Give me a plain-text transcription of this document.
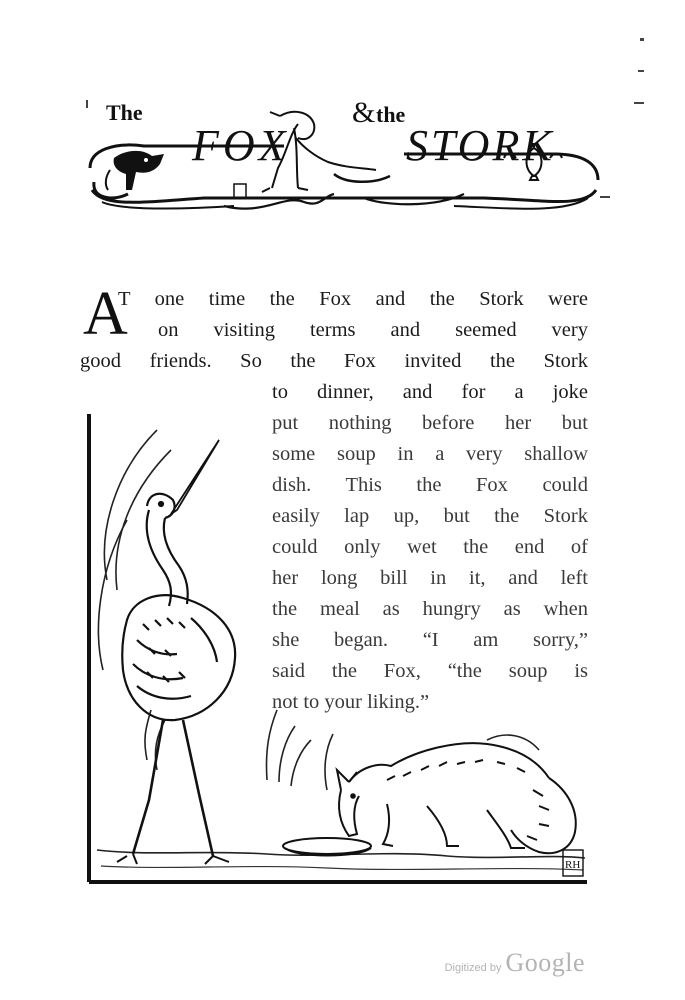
The
FOX
& the
STORK
A
T one time the Fox and the Stork were
on visiting terms and seemed very
good friends. So the Fox invited the Stork
to dinner, and for a joke
put nothing before her but
some soup in a very shallow
dish. This the Fox could
easily lap up, but the Stork
could only wet the end of
her long bill in it, and left
the meal as hungry as when
she began. “I am sorry,”
said the Fox, “the soup is
not to your liking.”
RH
Digitized by Google
